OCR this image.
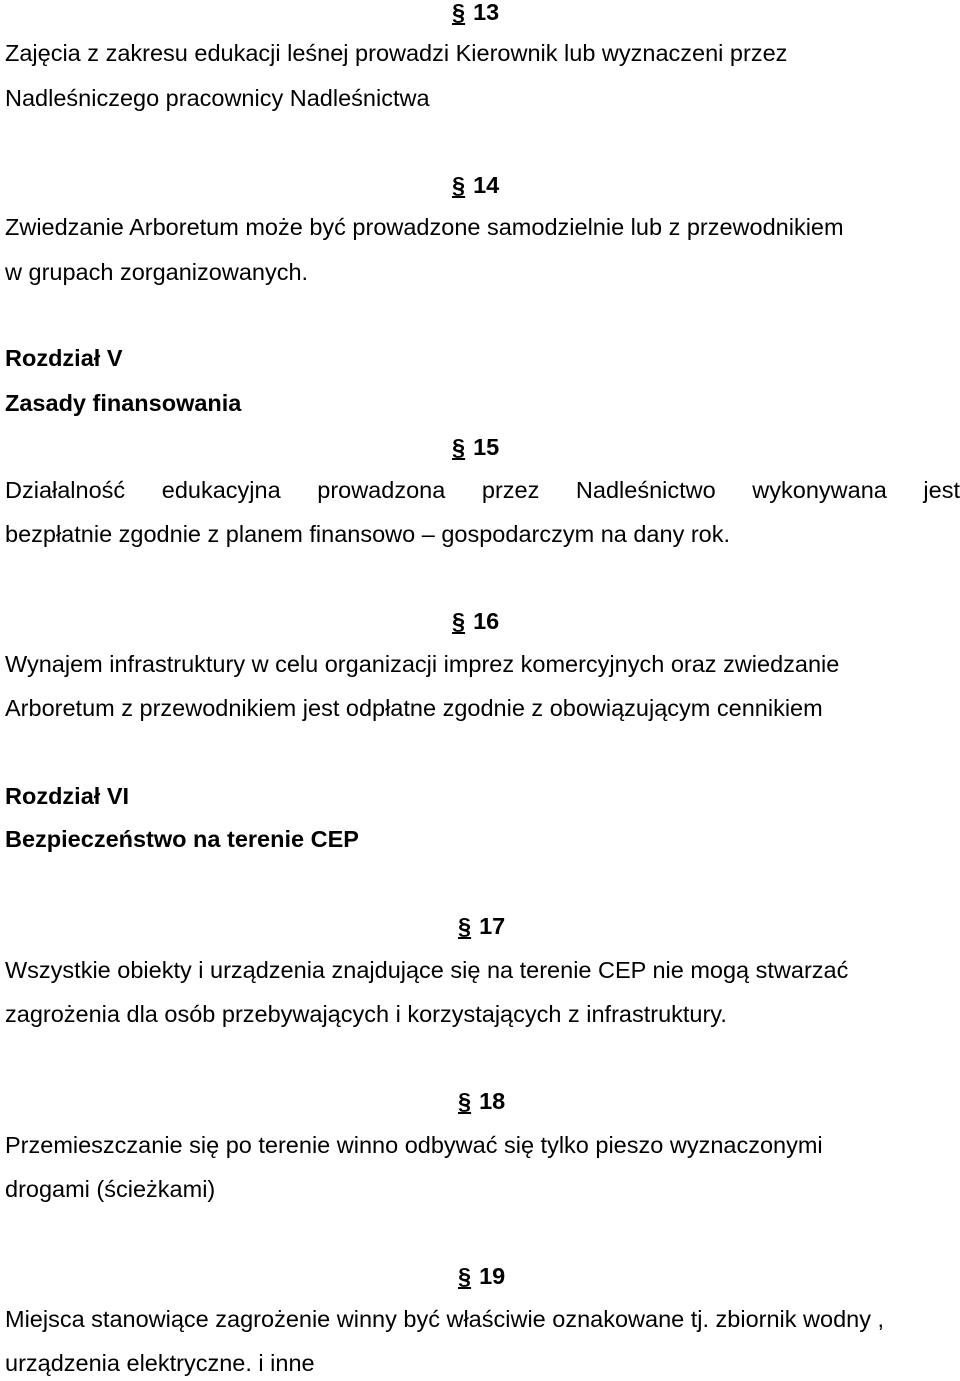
§ 13
Zajęcia z zakresu edukacji leśnej prowadzi Kierownik lub wyznaczeni przez
Nadleśniczego pracownicy Nadleśnictwa
§ 14
Zwiedzanie Arboretum może być prowadzone samodzielnie lub z przewodnikiem
w grupach zorganizowanych.
Rozdział V
Zasady finansowania
§ 15
Działalność edukacyjna prowadzona przez Nadleśnictwo wykonywana jest
bezpłatnie zgodnie z planem finansowo – gospodarczym na dany rok.
§ 16
Wynajem infrastruktury w celu organizacji imprez komercyjnych oraz zwiedzanie
Arboretum z przewodnikiem jest odpłatne zgodnie z obowiązującym cennikiem
Rozdział VI
Bezpieczeństwo na terenie CEP
§ 17
Wszystkie obiekty i urządzenia znajdujące się na terenie CEP nie mogą stwarzać
zagrożenia dla osób przebywających i korzystających z infrastruktury.
§ 18
Przemieszczanie się po terenie winno odbywać się tylko pieszo wyznaczonymi
drogami (ścieżkami)
§ 19
Miejsca stanowiące zagrożenie winny być właściwie oznakowane tj. zbiornik wodny ,
urządzenia elektryczne. i inne
